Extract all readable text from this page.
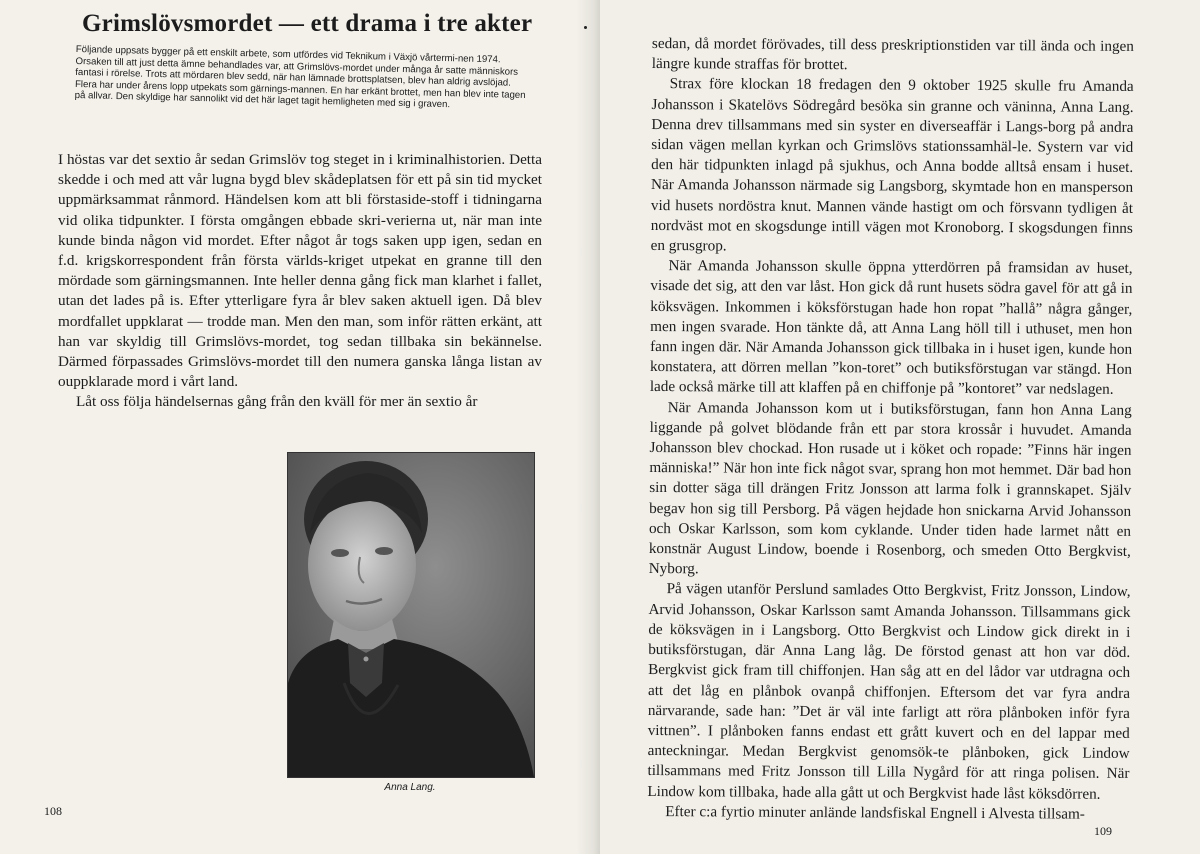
Grimslövsmordet — ett drama i tre akter

Följande uppsats bygger på ett enskilt arbete, som utfördes vid Teknikum i Växjö vårtermi-nen 1974. Orsaken till att just detta ämne behandlades var, att Grimslövs-mordet under många år satte människors fantasi i rörelse. Trots att mördaren blev sedd, när han lämnade brottsplatsen, blev han aldrig avslöjad. Flera har under årens lopp utpekats som gärnings-mannen. En har erkänt brottet, men han blev inte tagen på allvar. Den skyldige har sannolikt vid det här laget tagit hemligheten med sig i graven.

I höstas var det sextio år sedan Grimslöv tog steget in i kriminalhistorien. Detta skedde i och med att vår lugna bygd blev skådeplatsen för ett på sin tid mycket uppmärksammat rånmord. Händelsen kom att bli förstaside-stoff i tidningarna vid olika tidpunkter. I första omgången ebbade skri-verierna ut, när man inte kunde binda någon vid mordet. Efter något år togs saken upp igen, sedan en f.d. krigskorrespondent från första världs-kriget utpekat en granne till den mördade som gärningsmannen. Inte heller denna gång fick man klarhet i fallet, utan det lades på is. Efter ytterligare fyra år blev saken aktuell igen. Då blev mordfallet uppklarat — trodde man. Men den man, som inför rätten erkänt, att han var skyldig till Grimslövs-mordet, tog sedan tillbaka sin bekännelse. Därmed förpassades Grimslövs-mordet till den numera ganska långa listan av ouppklarade mord i vårt land.

Låt oss följa händelsernas gång från den kväll för mer än sextio år

Anna Lang.

108

sedan, då mordet förövades, till dess preskriptionstiden var till ända och ingen längre kunde straffas för brottet.

Strax före klockan 18 fredagen den 9 oktober 1925 skulle fru Amanda Johansson i Skatelövs Södregård besöka sin granne och väninna, Anna Lang. Denna drev tillsammans med sin syster en diverseaffär i Langs-borg på andra sidan vägen mellan kyrkan och Grimslövs stationssamhäl-le. Systern var vid den här tidpunkten inlagd på sjukhus, och Anna bodde alltså ensam i huset. När Amanda Johansson närmade sig Langsborg, skymtade hon en mansperson vid husets nordöstra knut. Mannen vände hastigt om och försvann tydligen åt nordväst mot en skogsdunge intill vägen mot Kronoborg. I skogsdungen finns en grusgrop.

När Amanda Johansson skulle öppna ytterdörren på framsidan av huset, visade det sig, att den var låst. Hon gick då runt husets södra gavel för att gå in köksvägen. Inkommen i köksförstugan hade hon ropat ”hallå” några gånger, men ingen svarade. Hon tänkte då, att Anna Lang höll till i uthuset, men hon fann ingen där. När Amanda Johansson gick tillbaka in i huset igen, kunde hon konstatera, att dörren mellan ”kon-toret” och butiksförstugan var stängd. Hon lade också märke till att klaffen på en chiffonje på ”kontoret” var nedslagen.

När Amanda Johansson kom ut i butiksförstugan, fann hon Anna Lang liggande på golvet blödande från ett par stora krossår i huvudet. Amanda Johansson blev chockad. Hon rusade ut i köket och ropade: ”Finns här ingen människa!” När hon inte fick något svar, sprang hon mot hemmet. Där bad hon sin dotter säga till drängen Fritz Jonsson att larma folk i grannskapet. Själv begav hon sig till Persborg. På vägen hejdade hon snickarna Arvid Johansson och Oskar Karlsson, som kom cyklande. Under tiden hade larmet nått en konstnär August Lindow, boende i Rosenborg, och smeden Otto Bergkvist, Nyborg.

På vägen utanför Perslund samlades Otto Bergkvist, Fritz Jonsson, Lindow, Arvid Johansson, Oskar Karlsson samt Amanda Johansson. Tillsammans gick de köksvägen in i Langsborg. Otto Bergkvist och Lindow gick direkt in i butiksförstugan, där Anna Lang låg. De förstod genast att hon var död. Bergkvist gick fram till chiffonjen. Han såg att en del lådor var utdragna och att det låg en plånbok ovanpå chiffonjen. Eftersom det var fyra andra närvarande, sade han: ”Det är väl inte farligt att röra plånboken inför fyra vittnen”. I plånboken fanns endast ett grått kuvert och en del lappar med anteckningar. Medan Bergkvist genomsök-te plånboken, gick Lindow tillsammans med Fritz Jonsson till Lilla Nygård för att ringa polisen. När Lindow kom tillbaka, hade alla gått ut och Bergkvist hade låst köksdörren.

Efter c:a fyrtio minuter anlände landsfiskal Engnell i Alvesta tillsam-

109
